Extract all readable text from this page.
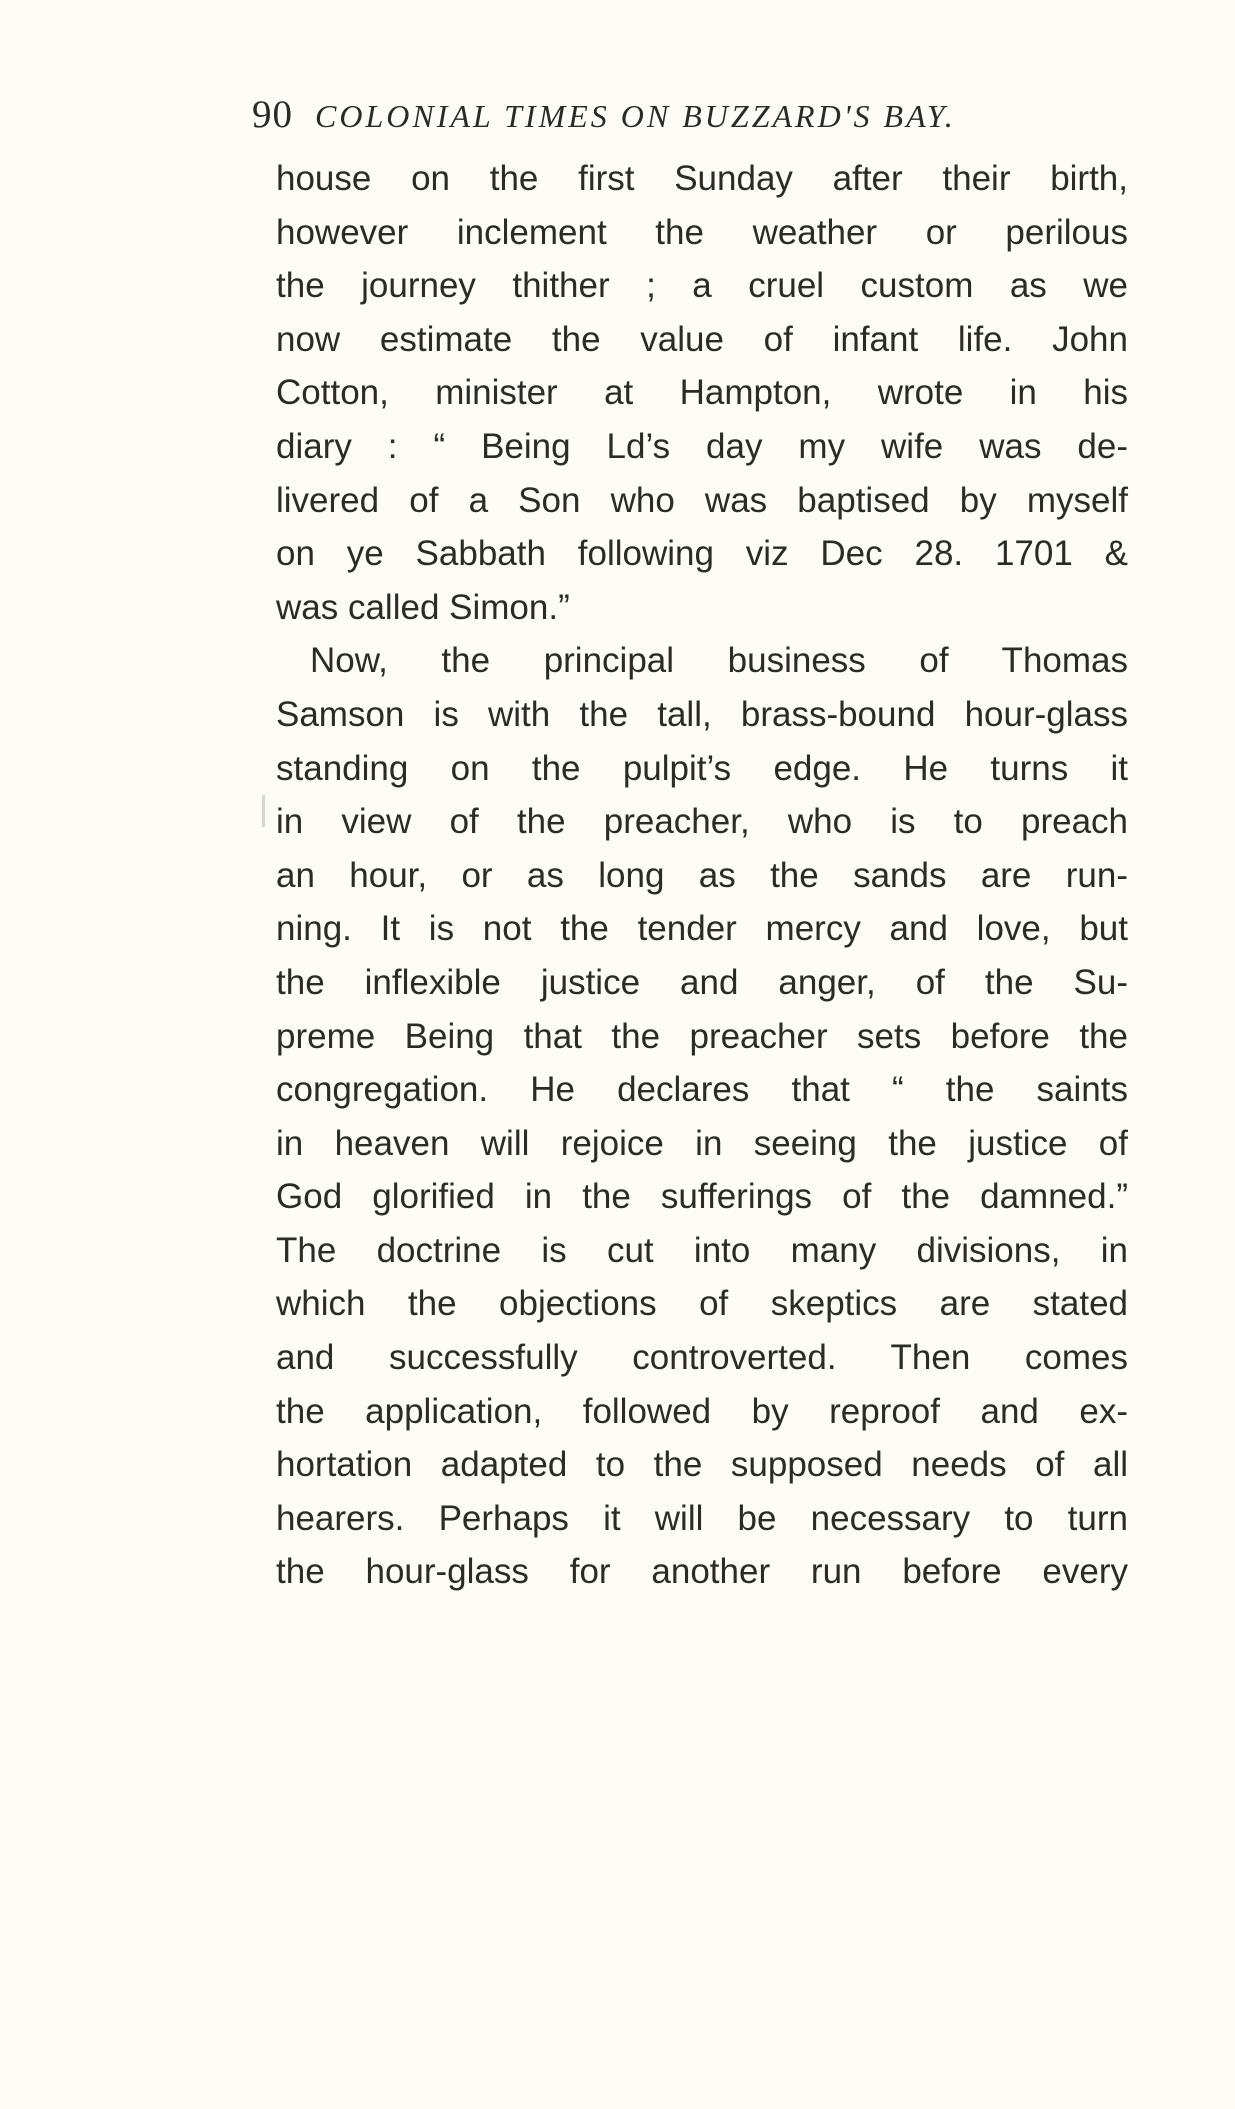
90 COLONIAL TIMES ON BUZZARD'S BAY.
house on the first Sunday after their birth,
however inclement the weather or perilous
the journey thither ; a cruel custom as we
now estimate the value of infant life. John
Cotton, minister at Hampton, wrote in his
diary : “ Being Ld’s day my wife was de-
livered of a Son who was baptised by myself
on ye Sabbath following viz Dec 28. 1701 &
was called Simon.”
Now, the principal business of Thomas
Samson is with the tall, brass-bound hour-glass
standing on the pulpit’s edge. He turns it
in view of the preacher, who is to preach
an hour, or as long as the sands are run-
ning. It is not the tender mercy and love, but
the inflexible justice and anger, of the Su-
preme Being that the preacher sets before the
congregation. He declares that “ the saints
in heaven will rejoice in seeing the justice of
God glorified in the sufferings of the damned.”
The doctrine is cut into many divisions, in
which the objections of skeptics are stated
and successfully controverted. Then comes
the application, followed by reproof and ex-
hortation adapted to the supposed needs of all
hearers. Perhaps it will be necessary to turn
the hour-glass for another run before every
